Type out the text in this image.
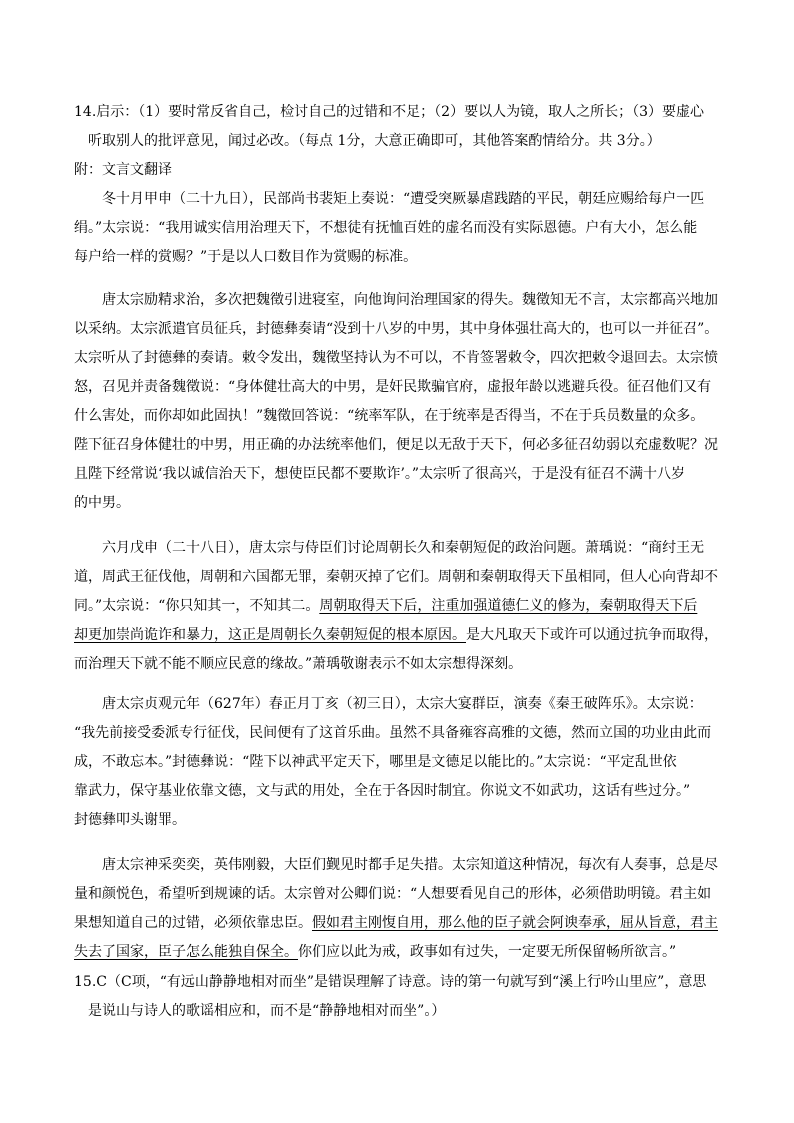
14.启示：（1）要时常反省自己，检讨自己的过错和不足；（2）要以人为镜，取人之所长；（3）要虚心
　听取别人的批评意见，闻过必改。（每点 1分，大意正确即可，其他答案酌情给分。共 3分。）
附：文言文翻译
　　冬十月甲申（二十九日），民部尚书裴矩上奏说：“遭受突厥暴虐践踏的平民，朝廷应赐给每户一匹
绢。”太宗说：“我用诚实信用治理天下，不想徒有抚恤百姓的虚名而没有实际恩德。户有大小，怎么能
每户给一样的赏赐？”于是以人口数目作为赏赐的标准。
　　唐太宗励精求治，多次把魏徵引进寝室，向他询问治理国家的得失。魏徵知无不言，太宗都高兴地加
以采纳。太宗派遣官员征兵，封德彝奏请“没到十八岁的中男，其中身体强壮高大的，也可以一并征召”。
太宗听从了封德彝的奏请。敕令发出，魏徵坚持认为不可以，不肯签署敕令，四次把敕令退回去。太宗愤
怒，召见并责备魏徵说：“身体健壮高大的中男，是奸民欺骗官府，虚报年龄以逃避兵役。征召他们又有
什么害处，而你却如此固执！”魏徵回答说：“统率军队，在于统率是否得当，不在于兵员数量的众多。
陛下征召身体健壮的中男，用正确的办法统率他们，便足以无敌于天下，何必多征召幼弱以充虚数呢？况
且陛下经常说‘我以诚信治天下，想使臣民都不要欺诈’。”太宗听了很高兴，于是没有征召不满十八岁
的中男。
　　六月戊申（二十八日），唐太宗与侍臣们讨论周朝长久和秦朝短促的政治问题。萧瑀说：“商纣王无
道，周武王征伐他，周朝和六国都无罪，秦朝灭掉了它们。周朝和秦朝取得天下虽相同，但人心向背却不
同。”太宗说：“你只知其一，不知其二。周朝取得天下后，注重加强道德仁义的修为，秦朝取得天下后
却更加崇尚诡诈和暴力，这正是周朝长久秦朝短促的根本原因。是大凡取天下或许可以通过抗争而取得，
而治理天下就不能不顺应民意的缘故。”萧瑀敬谢表示不如太宗想得深刻。
　　唐太宗贞观元年（627年）春正月丁亥（初三日），太宗大宴群臣，演奏《秦王破阵乐》。太宗说：
“我先前接受委派专行征伐，民间便有了这首乐曲。虽然不具备雍容高雅的文德，然而立国的功业由此而
成，不敢忘本。”封德彝说：“陛下以神武平定天下，哪里是文德足以能比的。”太宗说：“平定乱世依
靠武力，保守基业依靠文德，文与武的用处，全在于各因时制宜。你说文不如武功，这话有些过分。”
封德彝叩头谢罪。
　　唐太宗神采奕奕，英伟刚毅，大臣们觐见时都手足失措。太宗知道这种情况，每次有人奏事，总是尽
量和颜悦色，希望听到规谏的话。太宗曾对公卿们说：“人想要看见自己的形体，必须借助明镜。君主如
果想知道自己的过错，必须依靠忠臣。假如君主刚愎自用，那么他的臣子就会阿谀奉承，屈从旨意，君主
失去了国家，臣子怎么能独自保全。你们应以此为戒，政事如有过失，一定要无所保留畅所欲言。”
15.C（C项，“有远山静静地相对而坐”是错误理解了诗意。诗的第一句就写到“溪上行吟山里应”，意思
　是说山与诗人的歌谣相应和，而不是“静静地相对而坐”。）
